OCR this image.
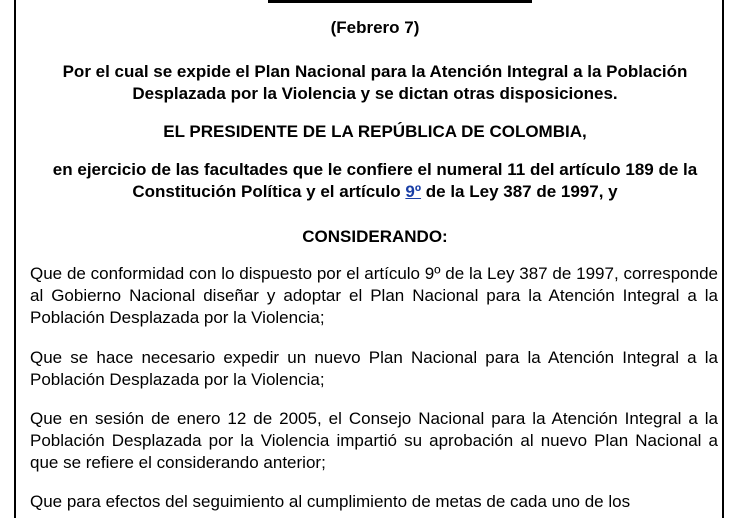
(Febrero 7)

Por el cual se expide el Plan Nacional para la Atención Integral a la Población Desplazada por la Violencia y se dictan otras disposiciones.

EL PRESIDENTE DE LA REPÚBLICA DE COLOMBIA,

en ejercicio de las facultades que le confiere el numeral 11 del artículo 189 de la Constitución Política y el artículo 9º de la Ley 387 de 1997, y

CONSIDERANDO:

Que de conformidad con lo dispuesto por el artículo 9º de la Ley 387 de 1997, corresponde al Gobierno Nacional diseñar y adoptar el Plan Nacional para la Atención Integral a la Población Desplazada por la Violencia;

Que se hace necesario expedir un nuevo Plan Nacional para la Atención Integral a la Población Desplazada por la Violencia;

Que en sesión de enero 12 de 2005, el Consejo Nacional para la Atención Integral a la Población Desplazada por la Violencia impartió su aprobación al nuevo Plan Nacional a que se refiere el considerando anterior;

Que para efectos del seguimiento al cumplimiento de metas de cada uno de los
